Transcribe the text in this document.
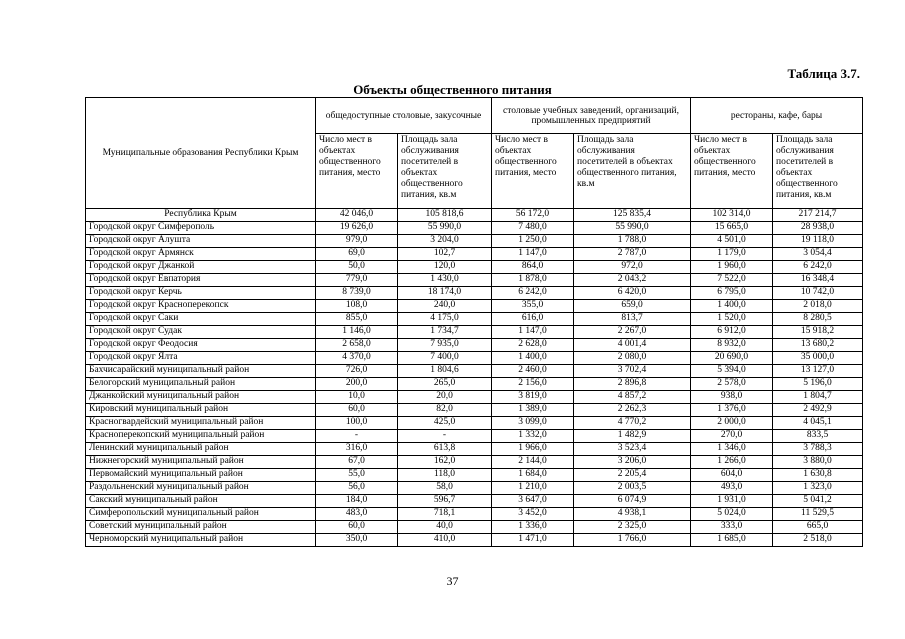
Таблица 3.7.
Объекты общественного питания
Муниципальные образования Республики Крым	общедоступные столовые, закусочные		столовые учебных заведений, организаций, промышленных предприятий		рестораны, кафе, бары	
	Число мест в объектах общественного питания, место	Площадь зала обслуживания посетителей в объектах общественного питания, кв.м	Число мест в объектах общественного питания, место	Площадь зала обслуживания посетителей в объектах общественного питания, кв.м	Число мест в объектах общественного питания, место	Площадь зала обслуживания посетителей в объектах общественного питания, кв.м
Республика Крым	42 046,0	105 818,6	56 172,0	125 835,4	102 314,0	217 214,7
Городской округ Симферополь	19 626,0	55 990,0	7 480,0	55 990,0	15 665,0	28 938,0
Городской округ Алушта	979,0	3 204,0	1 250,0	1 788,0	4 501,0	19 118,0
Городской округ Армянск	69,0	102,7	1 147,0	2 787,0	1 179,0	3 054,4
Городской округ Джанкой	50,0	120,0	864,0	972,0	1 960,0	6 242,0
Городской округ Евпатория	779,0	1 430,0	1 878,0	2 043,2	7 522,0	16 348,4
Городской округ Керчь	8 739,0	18 174,0	6 242,0	6 420,0	6 795,0	10 742,0
Городской округ Красноперекопск	108,0	240,0	355,0	659,0	1 400,0	2 018,0
Городской округ Саки	855,0	4 175,0	616,0	813,7	1 520,0	8 280,5
Городской округ Судак	1 146,0	1 734,7	1 147,0	2 267,0	6 912,0	15 918,2
Городской округ Феодосия	2 658,0	7 935,0	2 628,0	4 001,4	8 932,0	13 680,2
Городской округ Ялта	4 370,0	7 400,0	1 400,0	2 080,0	20 690,0	35 000,0
Бахчисарайский муниципальный район	726,0	1 804,6	2 460,0	3 702,4	5 394,0	13 127,0
Белогорский муниципальный район	200,0	265,0	2 156,0	2 896,8	2 578,0	5 196,0
Джанкойский муниципальный район	10,0	20,0	3 819,0	4 857,2	938,0	1 804,7
Кировский муниципальный район	60,0	82,0	1 389,0	2 262,3	1 376,0	2 492,9
Красногвардейский муниципальный район	100,0	425,0	3 099,0	4 770,2	2 000,0	4 045,1
Красноперекопский муниципальный район	-	-	1 332,0	1 482,9	270,0	833,5
Ленинский муниципальный район	316,0	613,8	1 966,0	3 523,4	1 346,0	3 788,3
Нижнегорский муниципальный район	67,0	162,0	2 144,0	3 206,0	1 266,0	3 880,0
Первомайский муниципальный район	55,0	118,0	1 684,0	2 205,4	604,0	1 630,8
Раздольненский муниципальный район	56,0	58,0	1 210,0	2 003,5	493,0	1 323,0
Сакский муниципальный район	184,0	596,7	3 647,0	6 074,9	1 931,0	5 041,2
Симферопольский муниципальный район	483,0	718,1	3 452,0	4 938,1	5 024,0	11 529,5
Советский муниципальный район	60,0	40,0	1 336,0	2 325,0	333,0	665,0
Черноморский муниципальный район	350,0	410,0	1 471,0	1 766,0	1 685,0	2 518,0
37
